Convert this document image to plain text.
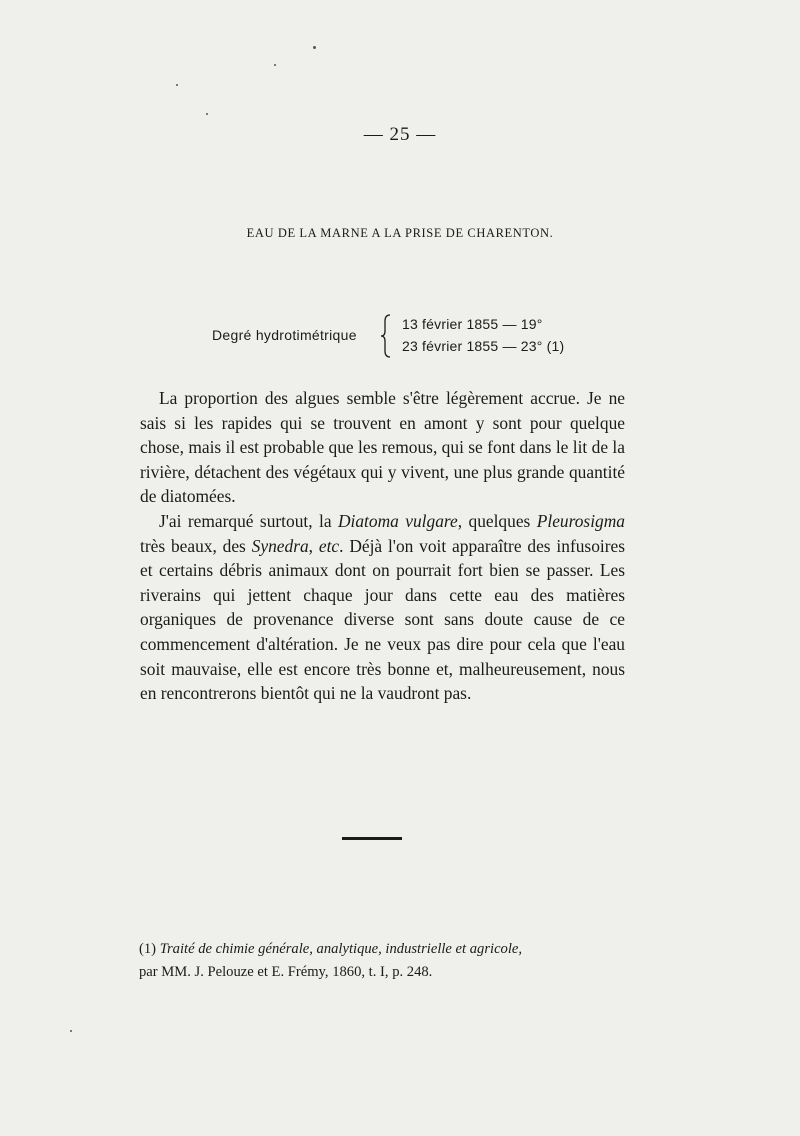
— 25 —
EAU DE LA MARNE A LA PRISE DE CHARENTON.
Degré hydrotimétrique
13 février 1855 — 19°
23 février 1855 — 23° (1)

La proportion des algues semble s'être légèrement accrue. Je ne sais si les rapides qui se trouvent en amont y sont pour quelque chose, mais il est probable que les remous, qui se font dans le lit de la rivière, détachent des végétaux qui y vivent, une plus grande quantité de diatomées.

J'ai remarqué surtout, la Diatoma vulgare, quelques Pleurosigma très beaux, des Synedra, etc. Déjà l'on voit apparaître des infusoires et certains débris animaux dont on pourrait fort bien se passer. Les riverains qui jettent chaque jour dans cette eau des matières organiques de provenance diverse sont sans doute cause de ce commencement d'altération. Je ne veux pas dire pour cela que l'eau soit mauvaise, elle est encore très bonne et, malheureusement, nous en rencontrerons bientôt qui ne la vaudront pas.

(1) Traité de chimie générale, analytique, industrielle et agricole,
par MM. J. Pelouze et E. Frémy, 1860, t. I, p. 248.
